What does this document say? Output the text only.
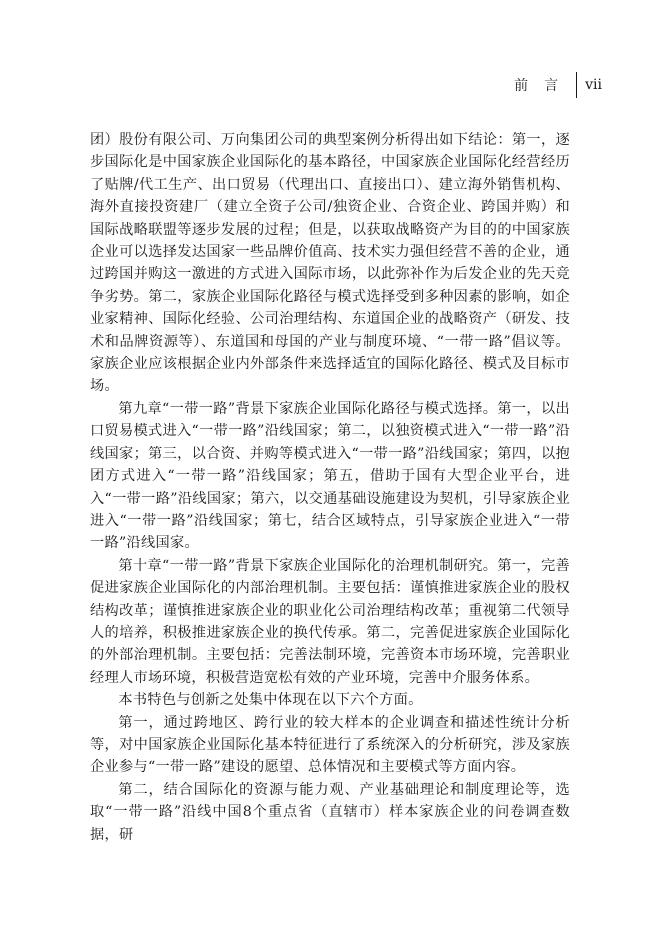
前言 vii

团）股份有限公司、万向集团公司的典型案例分析得出如下结论：第一，逐步国际化是中国家族企业国际化的基本路径，中国家族企业国际化经营经历了贴牌/代工生产、出口贸易（代理出口、直接出口）、建立海外销售机构、海外直接投资建厂（建立全资子公司/独资企业、合资企业、跨国并购）和国际战略联盟等逐步发展的过程；但是，以获取战略资产为目的的中国家族企业可以选择发达国家一些品牌价值高、技术实力强但经营不善的企业，通过跨国并购这一激进的方式进入国际市场，以此弥补作为后发企业的先天竞争劣势。第二，家族企业国际化路径与模式选择受到多种因素的影响，如企业家精神、国际化经验、公司治理结构、东道国企业的战略资产（研发、技术和品牌资源等）、东道国和母国的产业与制度环境、“一带一路”倡议等。家族企业应该根据企业内外部条件来选择适宜的国际化路径、模式及目标市场。

第九章“一带一路”背景下家族企业国际化路径与模式选择。第一，以出口贸易模式进入“一带一路”沿线国家；第二，以独资模式进入“一带一路”沿线国家；第三，以合资、并购等模式进入“一带一路”沿线国家；第四，以抱团方式进入“一带一路”沿线国家；第五，借助于国有大型企业平台，进入“一带一路”沿线国家；第六，以交通基础设施建设为契机，引导家族企业进入“一带一路”沿线国家；第七，结合区域特点，引导家族企业进入“一带一路”沿线国家。

第十章“一带一路”背景下家族企业国际化的治理机制研究。第一，完善促进家族企业国际化的内部治理机制。主要包括：谨慎推进家族企业的股权结构改革；谨慎推进家族企业的职业化公司治理结构改革；重视第二代领导人的培养，积极推进家族企业的换代传承。第二，完善促进家族企业国际化的外部治理机制。主要包括：完善法制环境，完善资本市场环境，完善职业经理人市场环境，积极营造宽松有效的产业环境，完善中介服务体系。

本书特色与创新之处集中体现在以下六个方面。

第一，通过跨地区、跨行业的较大样本的企业调查和描述性统计分析等，对中国家族企业国际化基本特征进行了系统深入的分析研究，涉及家族企业参与“一带一路”建设的愿望、总体情况和主要模式等方面内容。

第二，结合国际化的资源与能力观、产业基础理论和制度理论等，选取“一带一路”沿线中国8个重点省（直辖市）样本家族企业的问卷调查数据，研
